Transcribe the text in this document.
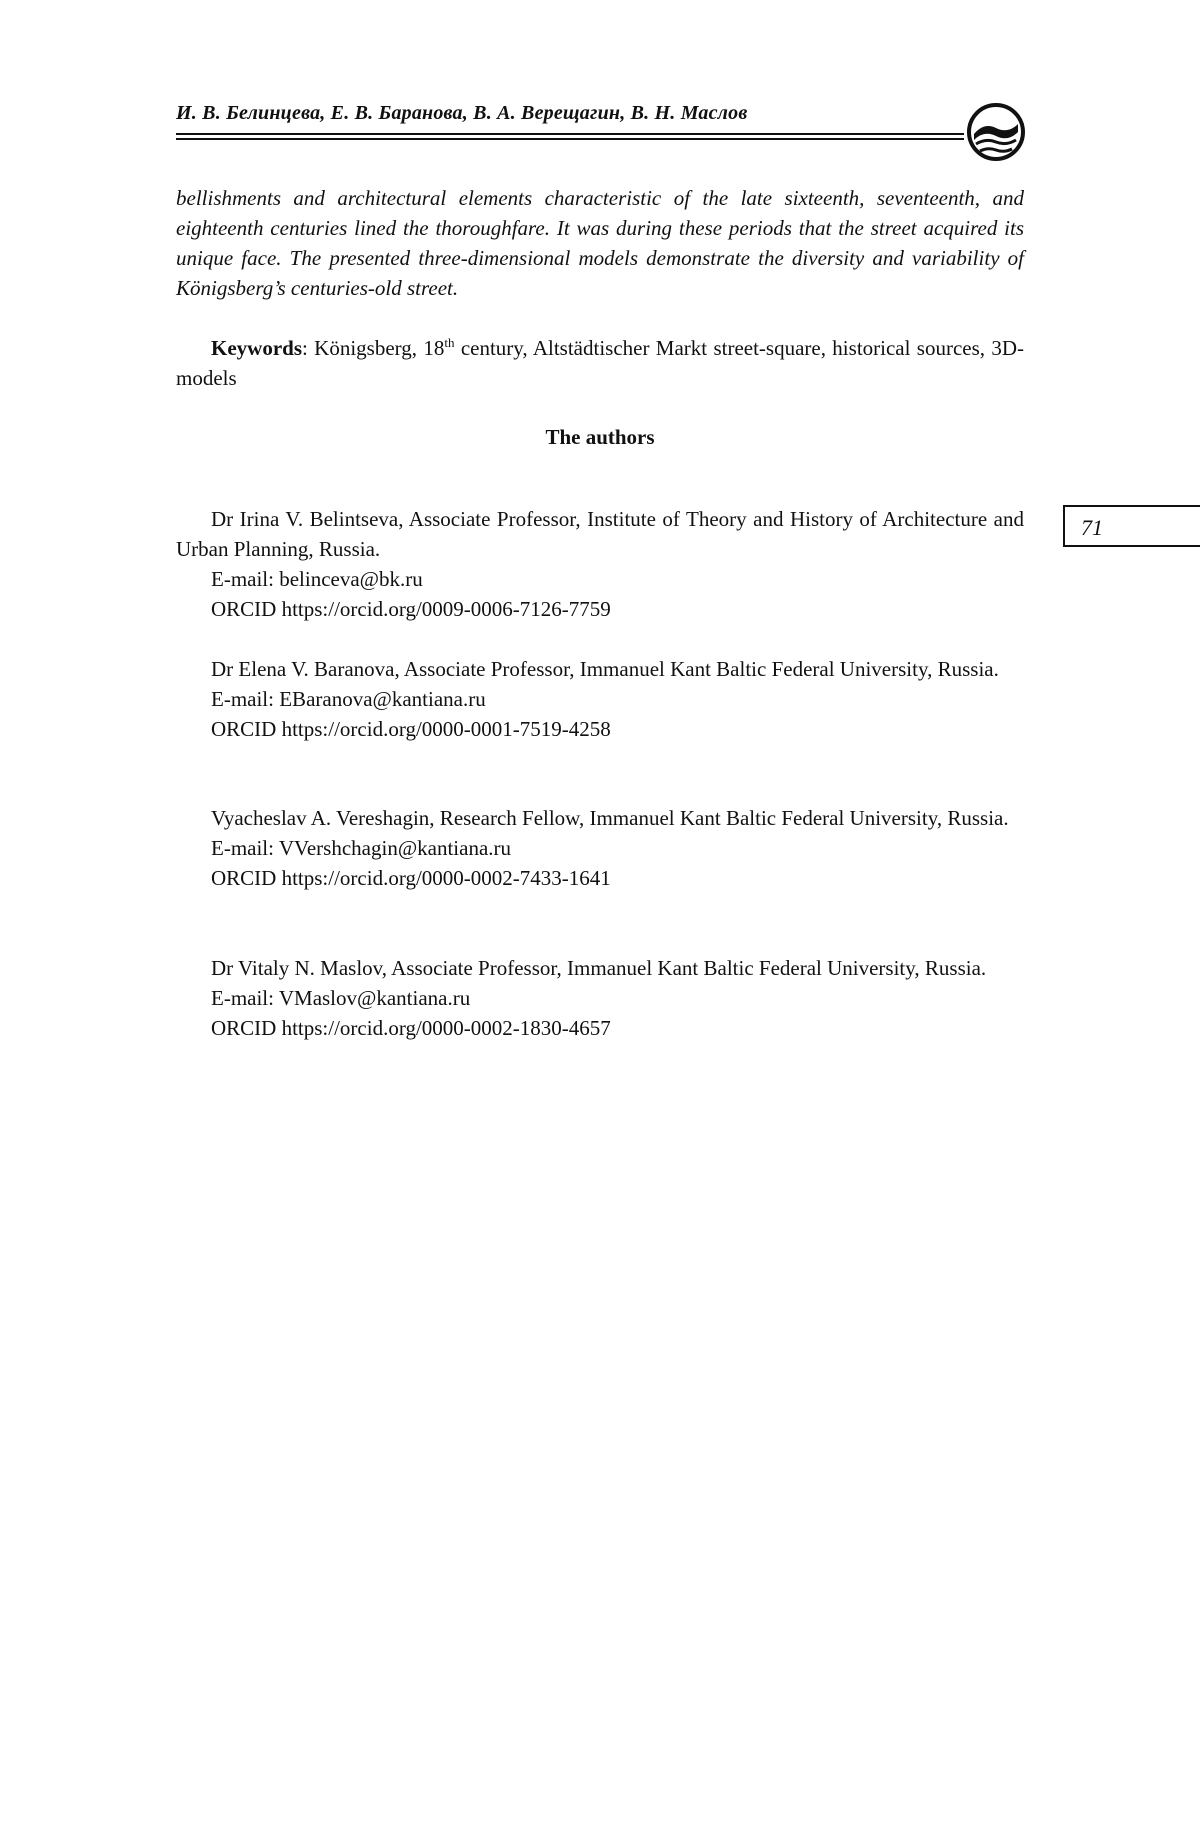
И. В. Белинцева, Е. В. Баранова, В. А. Верещагин, В. Н. Маслов

bellishments and architectural elements characteristic of the late sixteenth, seventeenth, and eighteenth centuries lined the thoroughfare. It was during these periods that the street acquired its unique face. The presented three-dimensional models demonstrate the diversity and variability of Königsberg’s centuries-old street.

Keywords: Königsberg, 18th century, Altstädtischer Markt street-square, historical sources, 3D-models

The authors

Dr Irina V. Belintseva, Associate Professor, Institute of Theory and History of Architecture and Urban Planning, Russia.

E-mail: belinceva@bk.ru

ORCID https://orcid.org/0009-0006-7126-7759

Dr Elena V. Baranova, Associate Professor, Immanuel Kant Baltic Federal University, Russia.

E-mail: EBaranova@kantiana.ru

ORCID https://orcid.org/0000-0001-7519-4258

Vyacheslav A. Vereshagin, Research Fellow, Immanuel Kant Baltic Federal University, Russia.

E-mail: VVershchagin@kantiana.ru

ORCID https://orcid.org/0000-0002-7433-1641

Dr Vitaly N. Maslov, Associate Professor, Immanuel Kant Baltic Federal University, Russia.

E-mail: VMaslov@kantiana.ru

ORCID https://orcid.org/0000-0002-1830-4657

71
